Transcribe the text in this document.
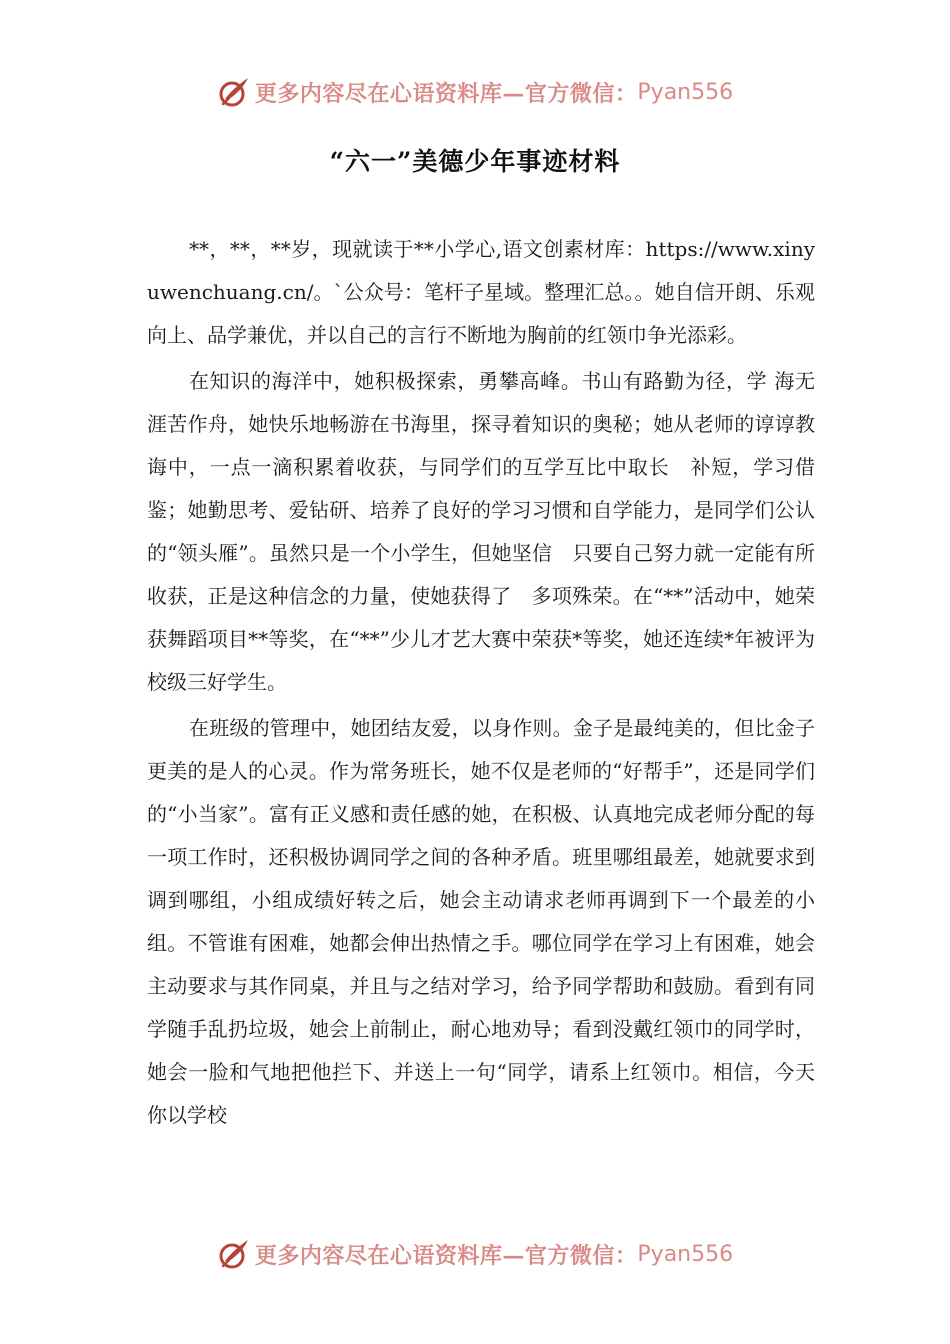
更多内容尽在心语资料库—官方微信： Pyan556
“六一”美德少年事迹材料

**，**，**岁，现就读于**小学心,语文创素材库：https://www.xinyuwenchuang.cn/。`公众号：笔杆子星域。整理汇总。。她自信开朗、乐观向上、品学兼优，并以自己的言行不断地为胸前的红领巾争光添彩。

在知识的海洋中，她积极探索，勇攀高峰。书山有路勤为径，学 海无涯苦作舟，她快乐地畅游在书海里，探寻着知识的奥秘；她从老师的谆谆教诲中，一点一滴积累着收获，与同学们的互学互比中取长　补短，学习借鉴；她勤思考、爱钻研、培养了良好的学习习惯和自学能力，是同学们公认的“领头雁”。虽然只是一个小学生，但她坚信　只要自己努力就一定能有所收获，正是这种信念的力量，使她获得了　多项殊荣。在“**”活动中，她荣获舞蹈项目**等奖，在“**”少儿才艺大赛中荣获*等奖，她还连续*年被评为校级三好学生。

在班级的管理中，她团结友爱，以身作则。金子是最纯美的，但比金子更美的是人的心灵。作为常务班长，她不仅是老师的“好帮手”，还是同学们的“小当家”。富有正义感和责任感的她，在积极、认真地完成老师分配的每一项工作时，还积极协调同学之间的各种矛盾。班里哪组最差，她就要求到调到哪组，小组成绩好转之后，她会主动请求老师再调到下一个最差的小组。不管谁有困难，她都会伸出热情之手。哪位同学在学习上有困难，她会主动要求与其作同桌，并且与之结对学习，给予同学帮助和鼓励。看到有同学随手乱扔垃圾，她会上前制止，耐心地劝导；看到没戴红领巾的同学时，她会一脸和气地把他拦下、并送上一句“同学，请系上红领巾。相信，今天你以学校

更多内容尽在心语资料库—官方微信： Pyan556
